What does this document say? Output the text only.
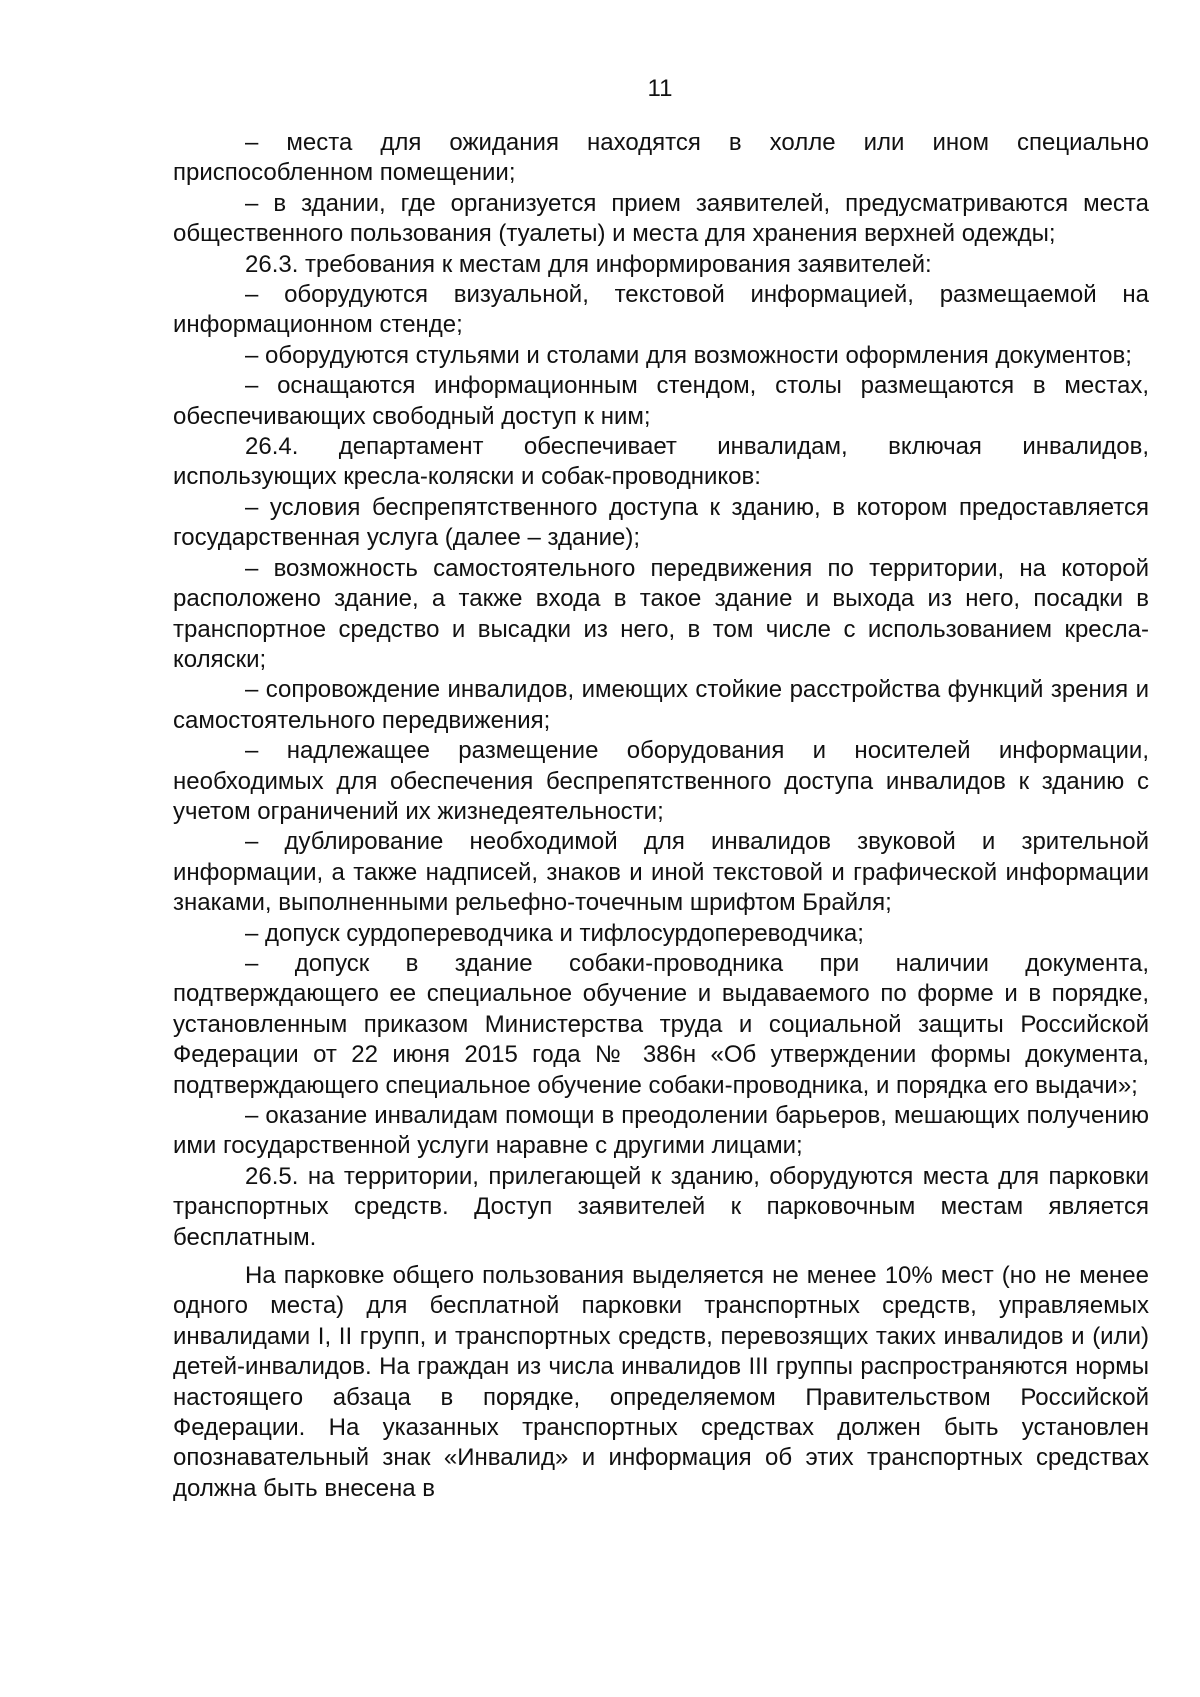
11

– места для ожидания находятся в холле или ином специально приспособленном помещении;

– в здании, где организуется прием заявителей, предусматриваются места общественного пользования (туалеты) и места для хранения верхней одежды;

26.3. требования к местам для информирования заявителей:

– оборудуются визуальной, текстовой информацией, размещаемой на информационном стенде;

– оборудуются стульями и столами для возможности оформления документов;

– оснащаются информационным стендом, столы размещаются в местах, обеспечивающих свободный доступ к ним;

26.4. департамент обеспечивает инвалидам, включая инвалидов, использующих кресла-коляски и собак-проводников:

– условия беспрепятственного доступа к зданию, в котором предоставляется государственная услуга (далее – здание);

– возможность самостоятельного передвижения по территории, на которой расположено здание, а также входа в такое здание и выхода из него, посадки в транспортное средство и высадки из него, в том числе с использованием кресла-коляски;

– сопровождение инвалидов, имеющих стойкие расстройства функций зрения и самостоятельного передвижения;

– надлежащее размещение оборудования и носителей информации, необходимых для обеспечения беспрепятственного доступа инвалидов к зданию с учетом ограничений их жизнедеятельности;

– дублирование необходимой для инвалидов звуковой и зрительной информации, а также надписей, знаков и иной текстовой и графической информации знаками, выполненными рельефно-точечным шрифтом Брайля;

– допуск сурдопереводчика и тифлосурдопереводчика;

– допуск в здание собаки-проводника при наличии документа, подтверждающего ее специальное обучение и выдаваемого по форме и в порядке, установленным приказом Министерства труда и социальной защиты Российской Федерации от 22 июня 2015 года № 386н «Об утверждении формы документа, подтверждающего специальное обучение собаки-проводника, и порядка его выдачи»;

– оказание инвалидам помощи в преодолении барьеров, мешающих получению ими государственной услуги наравне с другими лицами;

26.5. на территории, прилегающей к зданию, оборудуются места для парковки транспортных средств. Доступ заявителей к парковочным местам является бесплатным.

На парковке общего пользования выделяется не менее 10% мест (но не менее одного места) для бесплатной парковки транспортных средств, управляемых инвалидами I, II групп, и транспортных средств, перевозящих таких инвалидов и (или) детей-инвалидов. На граждан из числа инвалидов III группы распространяются нормы настоящего абзаца в порядке, определяемом Правительством Российской Федерации. На указанных транспортных средствах должен быть установлен опознавательный знак «Инвалид» и информация об этих транспортных средствах должна быть внесена в
